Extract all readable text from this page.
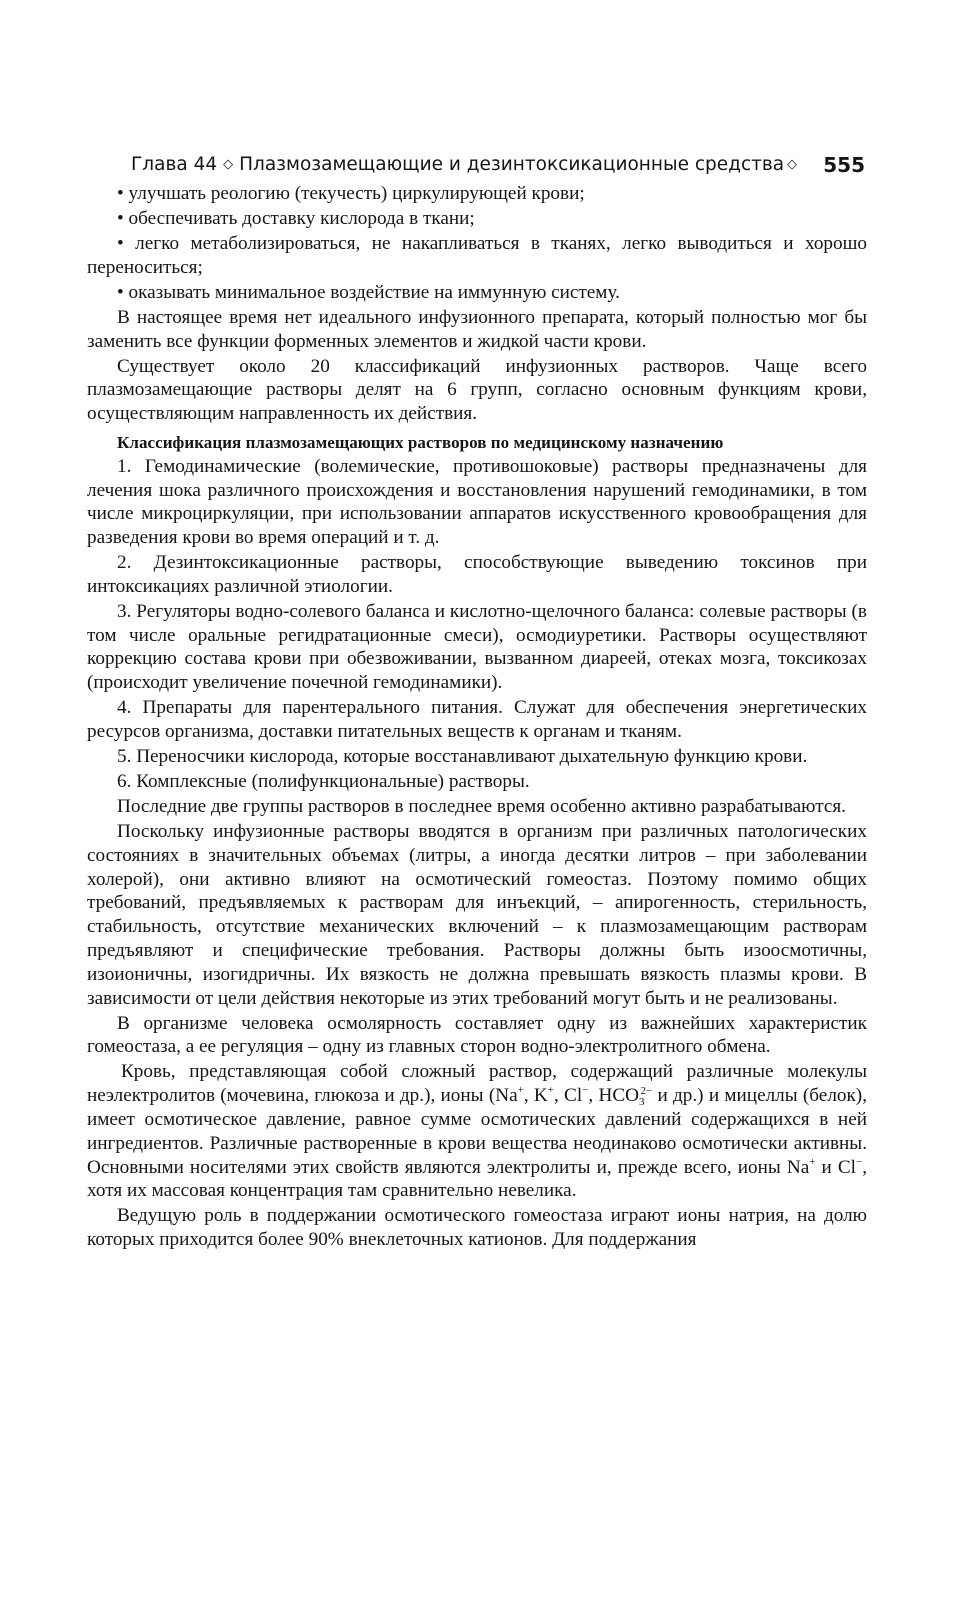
Глава 44 ◇ Плазмозамещающие и дезинтоксикационные средства ◇ 555

• улучшать реологию (текучесть) циркулирующей крови;

• обеспечивать доставку кислорода в ткани;

• легко метаболизироваться, не накапливаться в тканях, легко выводиться и хорошо переноситься;

• оказывать минимальное воздействие на иммунную систему.

В настоящее время нет идеального инфузионного препарата, который полностью мог бы заменить все функции форменных элементов и жидкой части крови.

Существует около 20 классификаций инфузионных растворов. Чаще всего плазмозамещающие растворы делят на 6 групп, согласно основным функциям крови, осуществляющим направленность их действия.

Классификация плазмозамещающих растворов по медицинскому назначению

1. Гемодинамические (волемические, противошоковые) растворы предназначены для лечения шока различного происхождения и восстановления нарушений гемодинамики, в том числе микроциркуляции, при использовании аппаратов искусственного кровообращения для разведения крови во время операций и т. д.

2. Дезинтоксикационные растворы, способствующие выведению токсинов при интоксикациях различной этиологии.

3. Регуляторы водно-солевого баланса и кислотно-щелочного баланса: солевые растворы (в том числе оральные регидратационные смеси), осмодиуретики. Растворы осуществляют коррекцию состава крови при обезвоживании, вызванном диареей, отеках мозга, токсикозах (происходит увеличение почечной гемодинамики).

4. Препараты для парентерального питания. Служат для обеспечения энергетических ресурсов организма, доставки питательных веществ к органам и тканям.

5. Переносчики кислорода, которые восстанавливают дыхательную функцию крови.

6. Комплексные (полифункциональные) растворы.

Последние две группы растворов в последнее время особенно активно разрабатываются.

Поскольку инфузионные растворы вводятся в организм при различных патологических состояниях в значительных объемах (литры, а иногда десятки литров – при заболевании холерой), они активно влияют на осмотический гомеостаз. Поэтому помимо общих требований, предъявляемых к растворам для инъекций, – апирогенность, стерильность, стабильность, отсутствие механических включений – к плазмозамещающим растворам предъявляют и специфические требования. Растворы должны быть изоосмотичны, изоионичны, изогидричны. Их вязкость не должна превышать вязкость плазмы крови. В зависимости от цели действия некоторые из этих требований могут быть и не реализованы.

В организме человека осмолярность составляет одну из важнейших характеристик гомеостаза, а ее регуляция – одну из главных сторон водно-электролитного обмена.

Кровь, представляющая собой сложный раствор, содержащий различные молекулы неэлектролитов (мочевина, глюкоза и др.), ионы (Na+, K+, Cl−, $HCO_3^{2-}$ и др.) и мицеллы (белок), имеет осмотическое давление, равное сумме осмотических давлений содержащихся в ней ингредиентов. Различные растворенные в крови вещества неодинаково осмотически активны. Основными носителями этих свойств являются электролиты и, прежде всего, ионы Na+ и Cl−, хотя их массовая концентрация там сравнительно невелика.

Ведущую роль в поддержании осмотического гомеостаза играют ионы натрия, на долю которых приходится более 90% внеклеточных катионов. Для поддержания
